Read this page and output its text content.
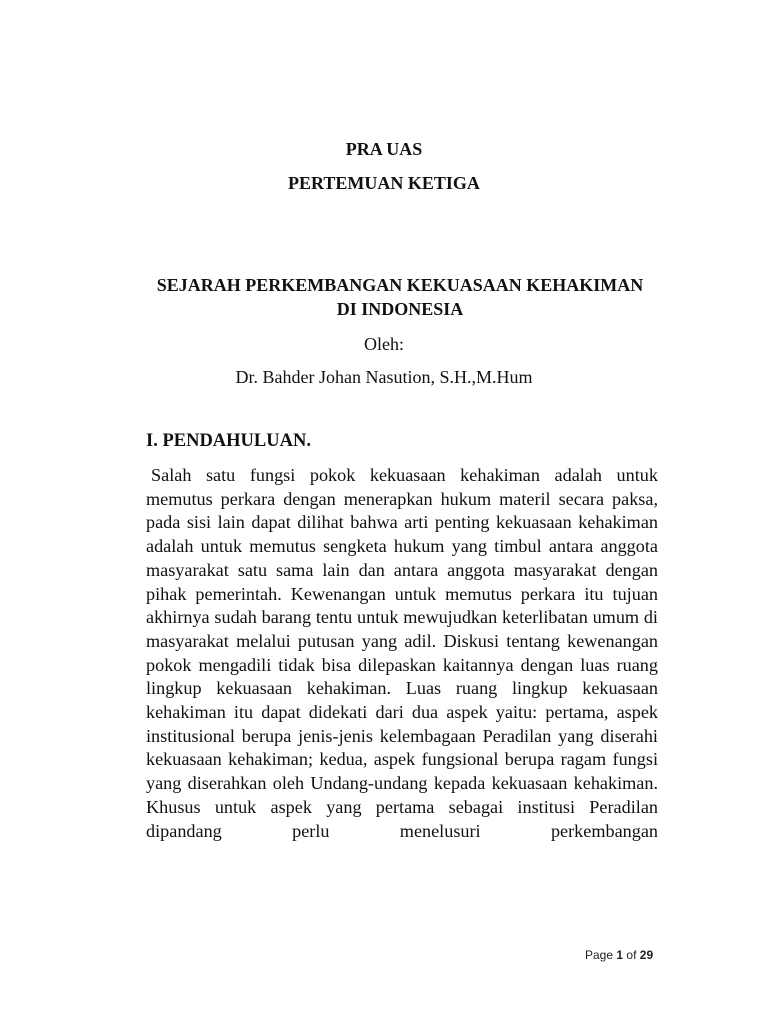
PRA UAS
PERTEMUAN KETIGA
SEJARAH PERKEMBANGAN KEKUASAAN KEHAKIMAN DI INDONESIA
Oleh:
Dr. Bahder Johan Nasution, S.H.,M.Hum
I. PENDAHULUAN.
Salah satu fungsi pokok kekuasaan kehakiman adalah untuk memutus perkara dengan menerapkan hukum materil secara paksa, pada sisi lain dapat dilihat bahwa arti penting kekuasaan kehakiman adalah untuk memutus sengketa hukum yang timbul antara anggota masyarakat satu sama lain dan antara anggota masyarakat dengan pihak pemerintah. Kewenangan untuk memutus perkara itu tujuan akhirnya sudah barang tentu untuk mewujudkan keterlibatan umum di masyarakat melalui putusan yang adil. Diskusi tentang kewenangan pokok mengadili tidak bisa dilepaskan kaitannya dengan luas ruang lingkup kekuasaan kehakiman. Luas ruang lingkup kekuasaan kehakiman itu dapat didekati dari dua aspek yaitu: pertama, aspek institusional berupa jenis-jenis kelembagaan Peradilan yang diserahi kekuasaan kehakiman; kedua, aspek fungsional berupa ragam fungsi yang diserahkan oleh Undang-undang kepada kekuasaan kehakiman. Khusus untuk aspek yang pertama sebagai institusi Peradilan dipandang perlu menelusuri perkembangan
Page 1 of 29
